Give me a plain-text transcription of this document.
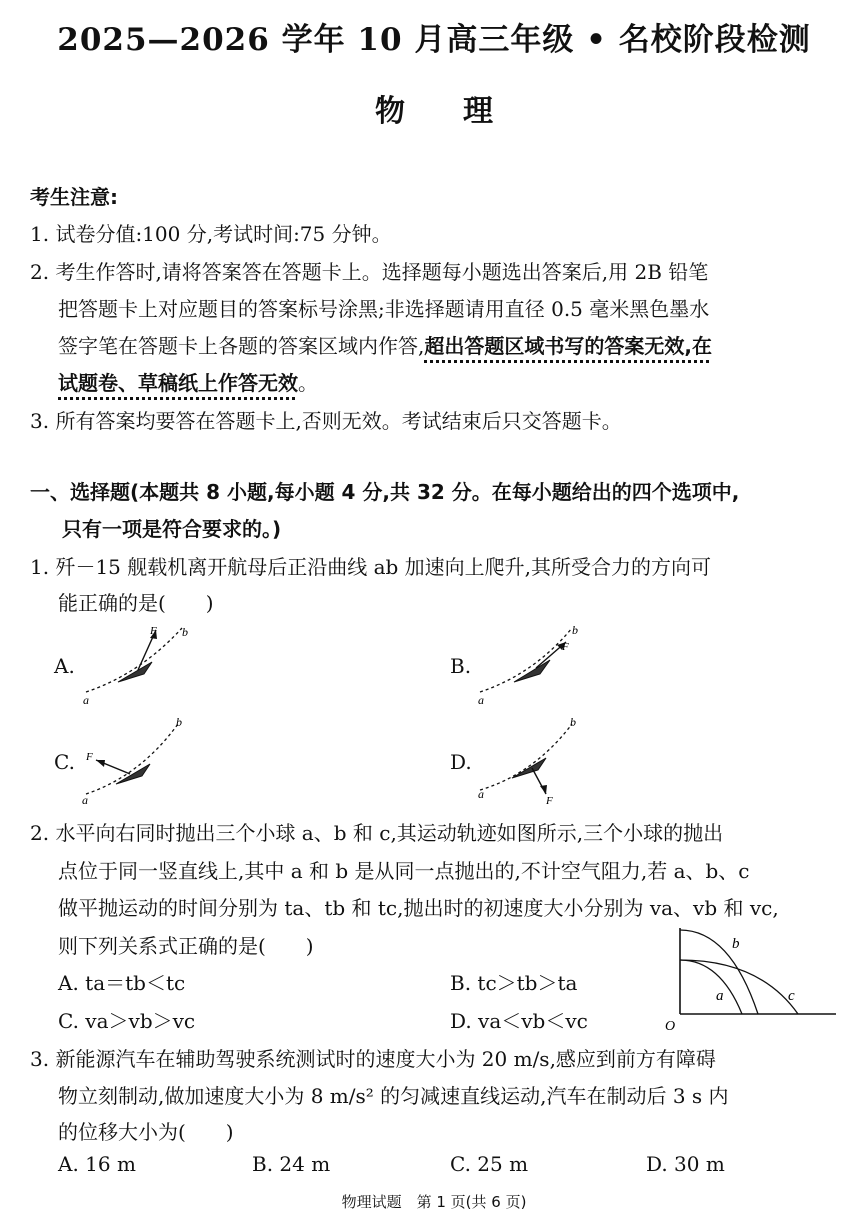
2025—2026 学年 10 月高三年级 • 名校阶段检测
物理
考生注意:
1. 试卷分值:100 分,考试时间:75 分钟。
2. 考生作答时,请将答案答在答题卡上。选择题每小题选出答案后,用 2B 铅笔
把答题卡上对应题目的答案标号涂黑;非选择题请用直径 0.5 毫米黑色墨水
签字笔在答题卡上各题的答案区域内作答,超出答题区域书写的答案无效,在
试题卷、草稿纸上作答无效。
3. 所有答案均要答在答题卡上,否则无效。考试结束后只交答题卡。
一、选择题(本题共 8 小题,每小题 4 分,共 32 分。在每小题给出的四个选项中,
只有一项是符合要求的。)
1. 歼－15 舰载机离开航母后正沿曲线 ab 加速向上爬升,其所受合力的方向可
能正确的是(　　)
A.	B.
C.	D.
F b
a
F
b
a
F
b
a	F
b
a
2. 水平向右同时抛出三个小球 a、b 和 c,其运动轨迹如图所示,三个小球的抛出
点位于同一竖直线上,其中 a 和 b 是从同一点抛出的,不计空气阻力,若 a、b、c
做平抛运动的时间分别为 ta、tb 和 tc,抛出时的初速度大小分别为 va、vb 和 vc,
则下列关系式正确的是(　　)
A. ta＝tb＜tc	B. tc＞tb＞ta
C. va＞vb＞vc	D. va＜vb＜vc
b
a	c
O
3. 新能源汽车在辅助驾驶系统测试时的速度大小为 20 m/s,感应到前方有障碍
物立刻制动,做加速度大小为 8 m/s² 的匀减速直线运动,汽车在制动后 3 s 内
的位移大小为(　　)
A. 16 m	B. 24 m	C. 25 m	D. 30 m
物理试题　第 1 页(共 6 页)
